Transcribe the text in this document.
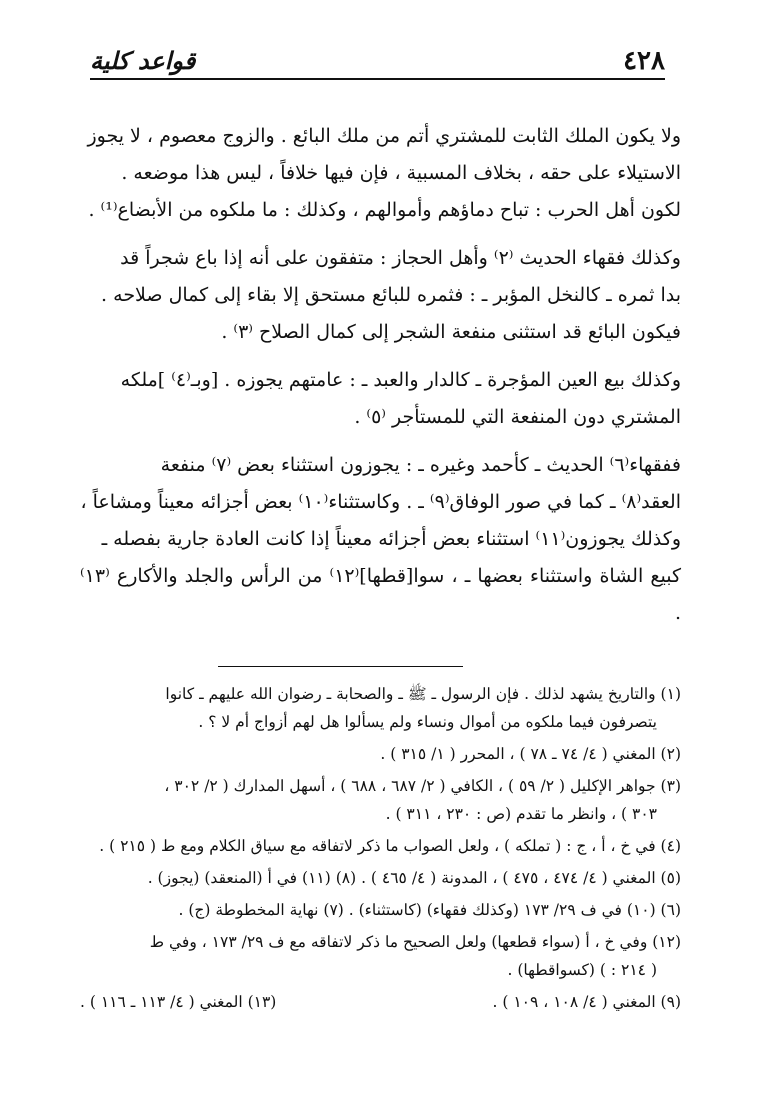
قواعد كلية	٤٢٨

ولا يكون الملك الثابت للمشتري أتم من ملك البائع . والزوج معصوم ، لا يجوز

الاستيلاء على حقه ، بخلاف المسبية ، فإن فيها خلافاً ، ليس هذا موضعه .

لكون أهل الحرب : تباح دماؤهم وأموالهم ، وكذلك : ما ملكوه من الأبضاع⁽¹⁾ .

وكذلك فقهاء الحديث ⁽٢⁾ وأهل الحجاز : متفقون على أنه إذا باع شجراً قد

بدا ثمره ـ كالنخل المؤبر ـ : فثمره للبائع مستحق إلا بقاء إلى كمال صلاحه .

فيكون البائع قد استثنى منفعة الشجر إلى كمال الصلاح ⁽٣⁾ .

وكذلك بيع العين المؤجرة ـ كالدار والعبد ـ : عامتهم يجوزه . [وبـ⁽٤⁾ ]ملكه

المشتري دون المنفعة التي للمستأجر ⁽٥⁾ .

ففقهاء⁽٦⁾ الحديث ـ كأحمد وغيره ـ : يجوزون استثناء بعض ⁽٧⁾ منفعة

العقد⁽٨⁾ ـ كما في صور الوفاق⁽٩⁾ ـ . وكاستثناء⁽١٠⁾ بعض أجزائه معيناً ومشاعاً ،

وكذلك يجوزون⁽١١⁾ استثناء بعض أجزائه معيناً إذا كانت العادة جارية بفصله ـ

كبيع الشاة واستثناء بعضها ـ ، سوا[قطها]⁽١٢⁾ من الرأس والجلد والأكارع ⁽١٣⁾ .

(١) والتاريخ يشهد لذلك . فإن الرسول ـ ﷺ ـ والصحابة ـ رضوان الله عليهم ـ كانوا
يتصرفون فيما ملكوه من أموال ونساء ولم يسألوا هل لهم أزواج أم لا ؟ .

(٢) المغني ( ٤/ ٧٤ ـ ٧٨ ) ، المحرر ( ١/ ٣١٥ ) .

(٣) جواهر الإكليل ( ٢/ ٥٩ ) ، الكافي ( ٢/ ٦٨٧ ، ٦٨٨ ) ، أسهل المدارك ( ٢/ ٣٠٢ ،
٣٠٣ ) ، وانظر ما تقدم (ص : ٢٣٠ ، ٣١١ ) .

(٤) في خ ، أ ، ج : ( تملكه ) ، ولعل الصواب ما ذكر لاتفاقه مع سياق الكلام ومع ط ( ٢١٥ ) .

(٥) المغني ( ٤/ ٤٧٤ ، ٤٧٥ ) ، المدونة ( ٤/ ٤٦٥ ) . (٨) (١١) في أ (المنعقد) (يجوز) .

(٦) (١٠) في ف ٢٩/ ١٧٣ (وكذلك فقهاء) (كاستثناء) . (٧) نهاية المخطوطة (ج) .

(١٢) وفي خ ، أ (سواء قطعها) ولعل الصحيح ما ذكر لاتفاقه مع ف ٢٩/ ١٧٣ ، وفي ط
( ٢١٤ : ) (كسواقطها) .

(٩) المغني ( ٤/ ١٠٨ ، ١٠٩ ) .
(١٣) المغني ( ٤/ ١١٣ ـ ١١٦ ) .
